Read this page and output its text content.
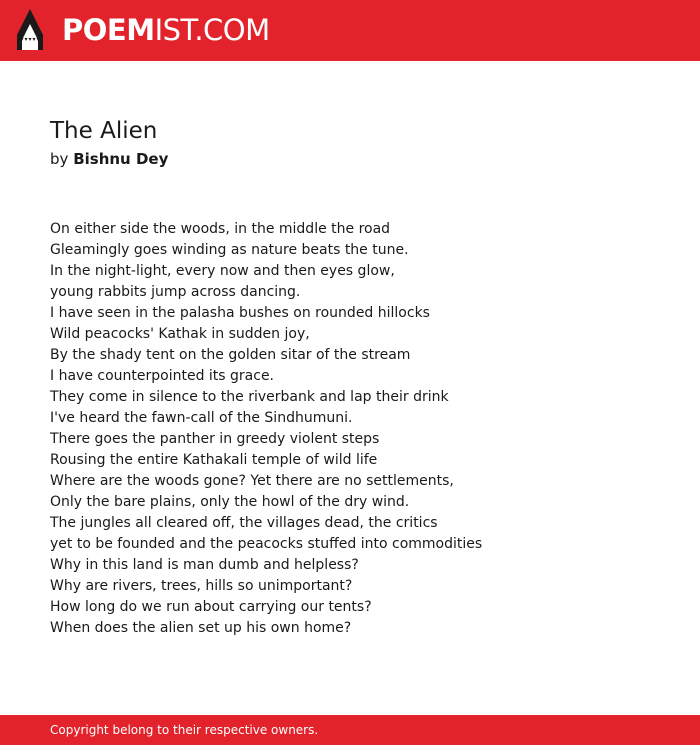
POEMIST.COM
The Alien
by Bishnu Dey
On either side the woods, in the middle the road
Gleamingly goes winding as nature beats the tune.
In the night-light, every now and then eyes glow,
young rabbits jump across dancing.
I have seen in the palasha bushes on rounded hillocks
Wild peacocks' Kathak in sudden joy,
By the shady tent on the golden sitar of the stream
I have counterpointed its grace.
They come in silence to the riverbank and lap their drink
I've heard the fawn-call of the Sindhumuni.
There goes the panther in greedy violent steps
Rousing the entire Kathakali temple of wild life
Where are the woods gone? Yet there are no settlements,
Only the bare plains, only the howl of the dry wind.
The jungles all cleared off, the villages dead, the critics
yet to be founded and the peacocks stuffed into commodities
Why in this land is man dumb and helpless?
Why are rivers, trees, hills so unimportant?
How long do we run about carrying our tents?
When does the alien set up his own home?
Copyright belong to their respective owners.
